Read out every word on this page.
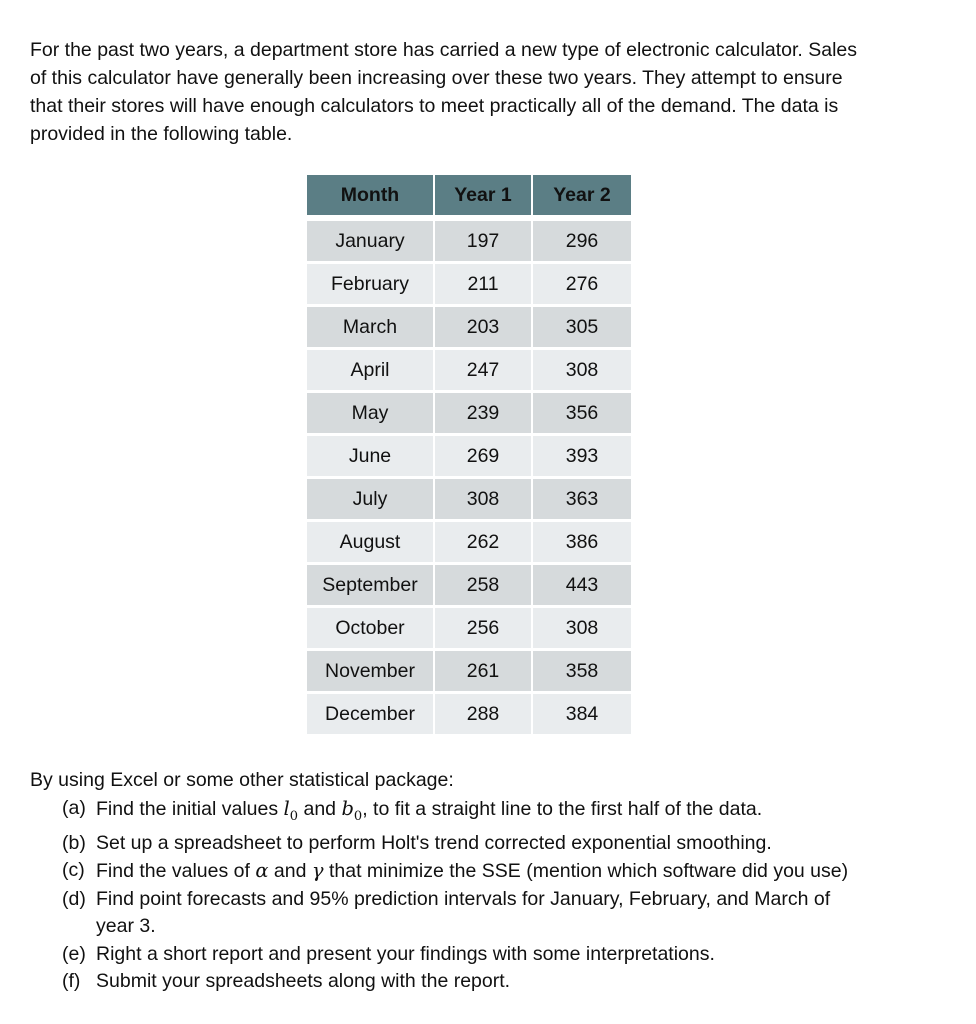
For the past two years, a department store has carried a new type of electronic calculator. Sales
of this calculator have generally been increasing over these two years. They attempt to ensure
that their stores will have enough calculators to meet practically all of the demand. The data is
provided in the following table.
Month	Year 1	Year 2
January	197	296
February	211	276
March	203	305
April	247	308
May	239	356
June	269	393
July	308	363
August	262	386
September	258	443
October	256	308
November	261	358
December	288	384
By using Excel or some other statistical package:
(a) Find the initial values $l_0$ and $b_0$, to fit a straight line to the first half of the data.
(b) Set up a spreadsheet to perform Holt's trend corrected exponential smoothing.
(c) Find the values of α and γ that minimize the SSE (mention which software did you use)
(d) Find point forecasts and 95% prediction intervals for January, February, and March of
year 3.
(e) Right a short report and present your findings with some interpretations.
(f) Submit your spreadsheets along with the report.
